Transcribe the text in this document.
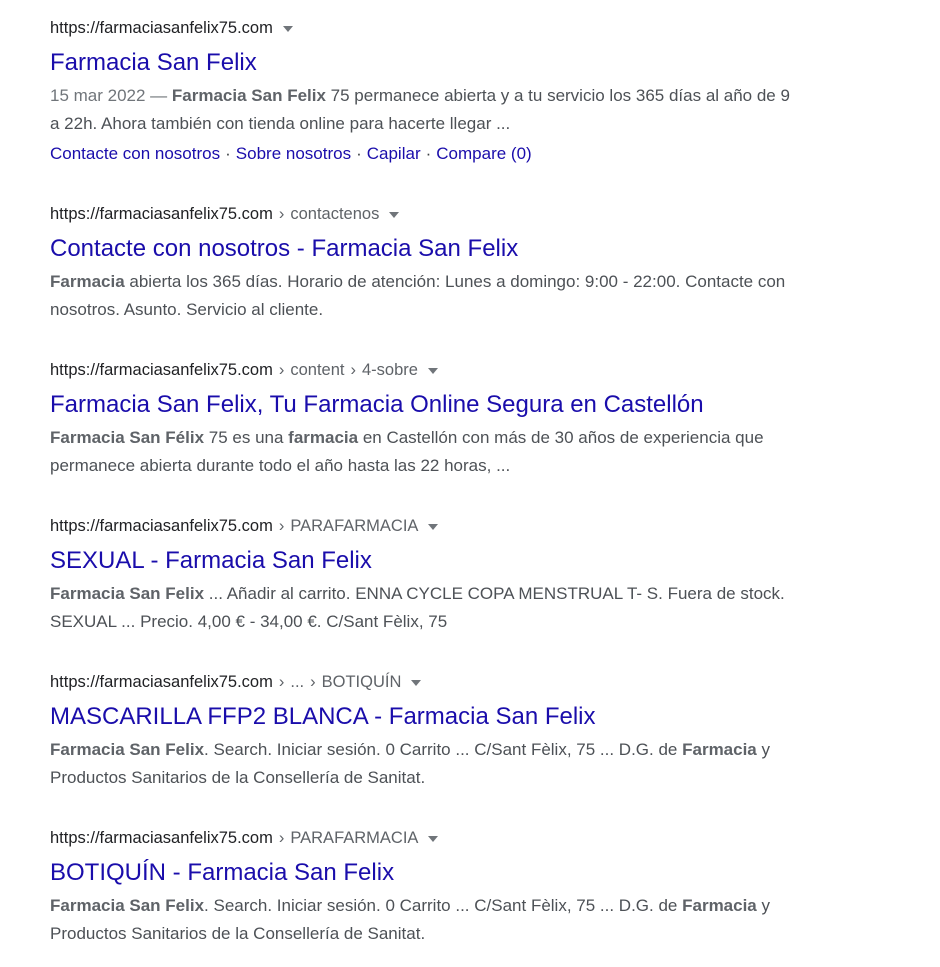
https://farmaciasanfelix75.com
Farmacia San Felix
15 mar 2022 — Farmacia San Felix 75 permanece abierta y a tu servicio los 365 días al año de 9 a 22h. Ahora también con tienda online para hacerte llegar ...
Contacte con nosotros · Sobre nosotros · Capilar · Compare (0)
https://farmaciasanfelix75.com › contactenos
Contacte con nosotros - Farmacia San Felix
Farmacia abierta los 365 días. Horario de atención: Lunes a domingo: 9:00 - 22:00. Contacte con nosotros. Asunto. Servicio al cliente.
https://farmaciasanfelix75.com › content › 4-sobre
Farmacia San Felix, Tu Farmacia Online Segura en Castellón
Farmacia San Félix 75 es una farmacia en Castellón con más de 30 años de experiencia que permanece abierta durante todo el año hasta las 22 horas, ...
https://farmaciasanfelix75.com › PARAFARMACIA
SEXUAL - Farmacia San Felix
Farmacia San Felix ... Añadir al carrito. ENNA CYCLE COPA MENSTRUAL T- S. Fuera de stock. SEXUAL ... Precio. 4,00 € - 34,00 €. C/Sant Fèlix, 75
https://farmaciasanfelix75.com › ... › BOTIQUÍN
MASCARILLA FFP2 BLANCA - Farmacia San Felix
Farmacia San Felix. Search. Iniciar sesión. 0 Carrito ... C/Sant Fèlix, 75 ... D.G. de Farmacia y Productos Sanitarios de la Consellería de Sanitat.
https://farmaciasanfelix75.com › PARAFARMACIA
BOTIQUÍN - Farmacia San Felix
Farmacia San Felix. Search. Iniciar sesión. 0 Carrito ... C/Sant Fèlix, 75 ... D.G. de Farmacia y Productos Sanitarios de la Consellería de Sanitat.
